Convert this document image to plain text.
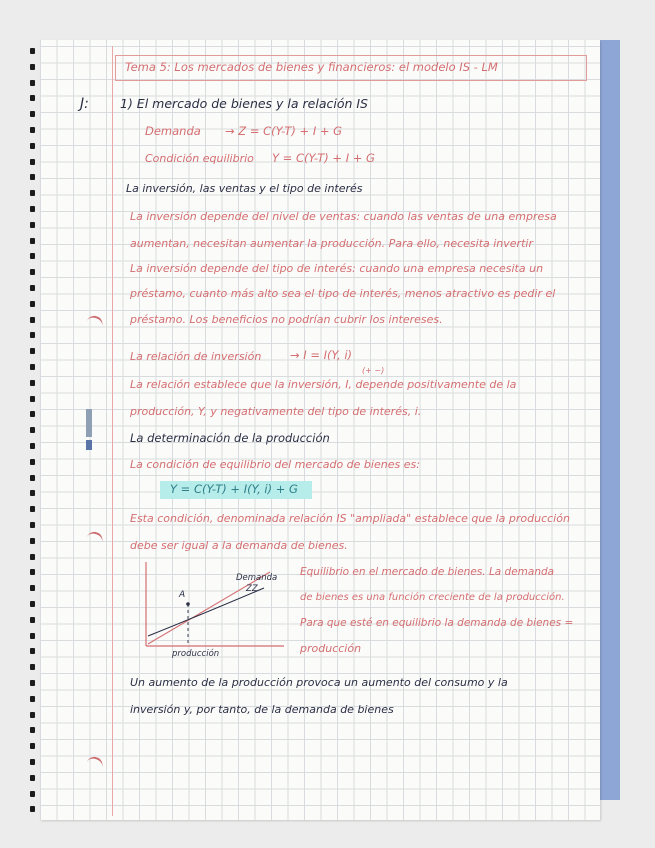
Tema 5: Los mercados de bienes y financieros: el modelo IS - LM
J: 1) El mercado de bienes y la relación IS
Demanda → Z = C(Y-T) + I + G
Condición equilibrio Y = C(Y-T) + I + G
La inversión, las ventas y el tipo de interés
La inversión depende del nivel de ventas: cuando las ventas de una empresa
aumentan, necesitan aumentar la producción. Para ello, necesita invertir
La inversión depende del tipo de interés: cuando una empresa necesita un
préstamo, cuanto más alto sea el tipo de interés, menos atractivo es pedir el
préstamo. Los beneficios no podrían cubrir los intereses.
La relación de inversión → I = I(Y, i)
(+ −)
La relación establece que la inversión, I, depende positivamente de la
producción, Y, y negativamente del tipo de interés, i.
La determinación de la producción
La condición de equilibrio del mercado de bienes es:
Y = C(Y-T) + I(Y, i) + G
Esta condición, denominada relación IS "ampliada" establece que la producción
debe ser igual a la demanda de bienes.
A
Demanda
ZZ
producción
Equilibrio en el mercado de bienes. La demanda
de bienes es una función creciente de la producción.
Para que esté en equilibrio la demanda de bienes =
producción
Un aumento de la producción provoca un aumento del consumo y la
inversión y, por tanto, de la demanda de bienes
